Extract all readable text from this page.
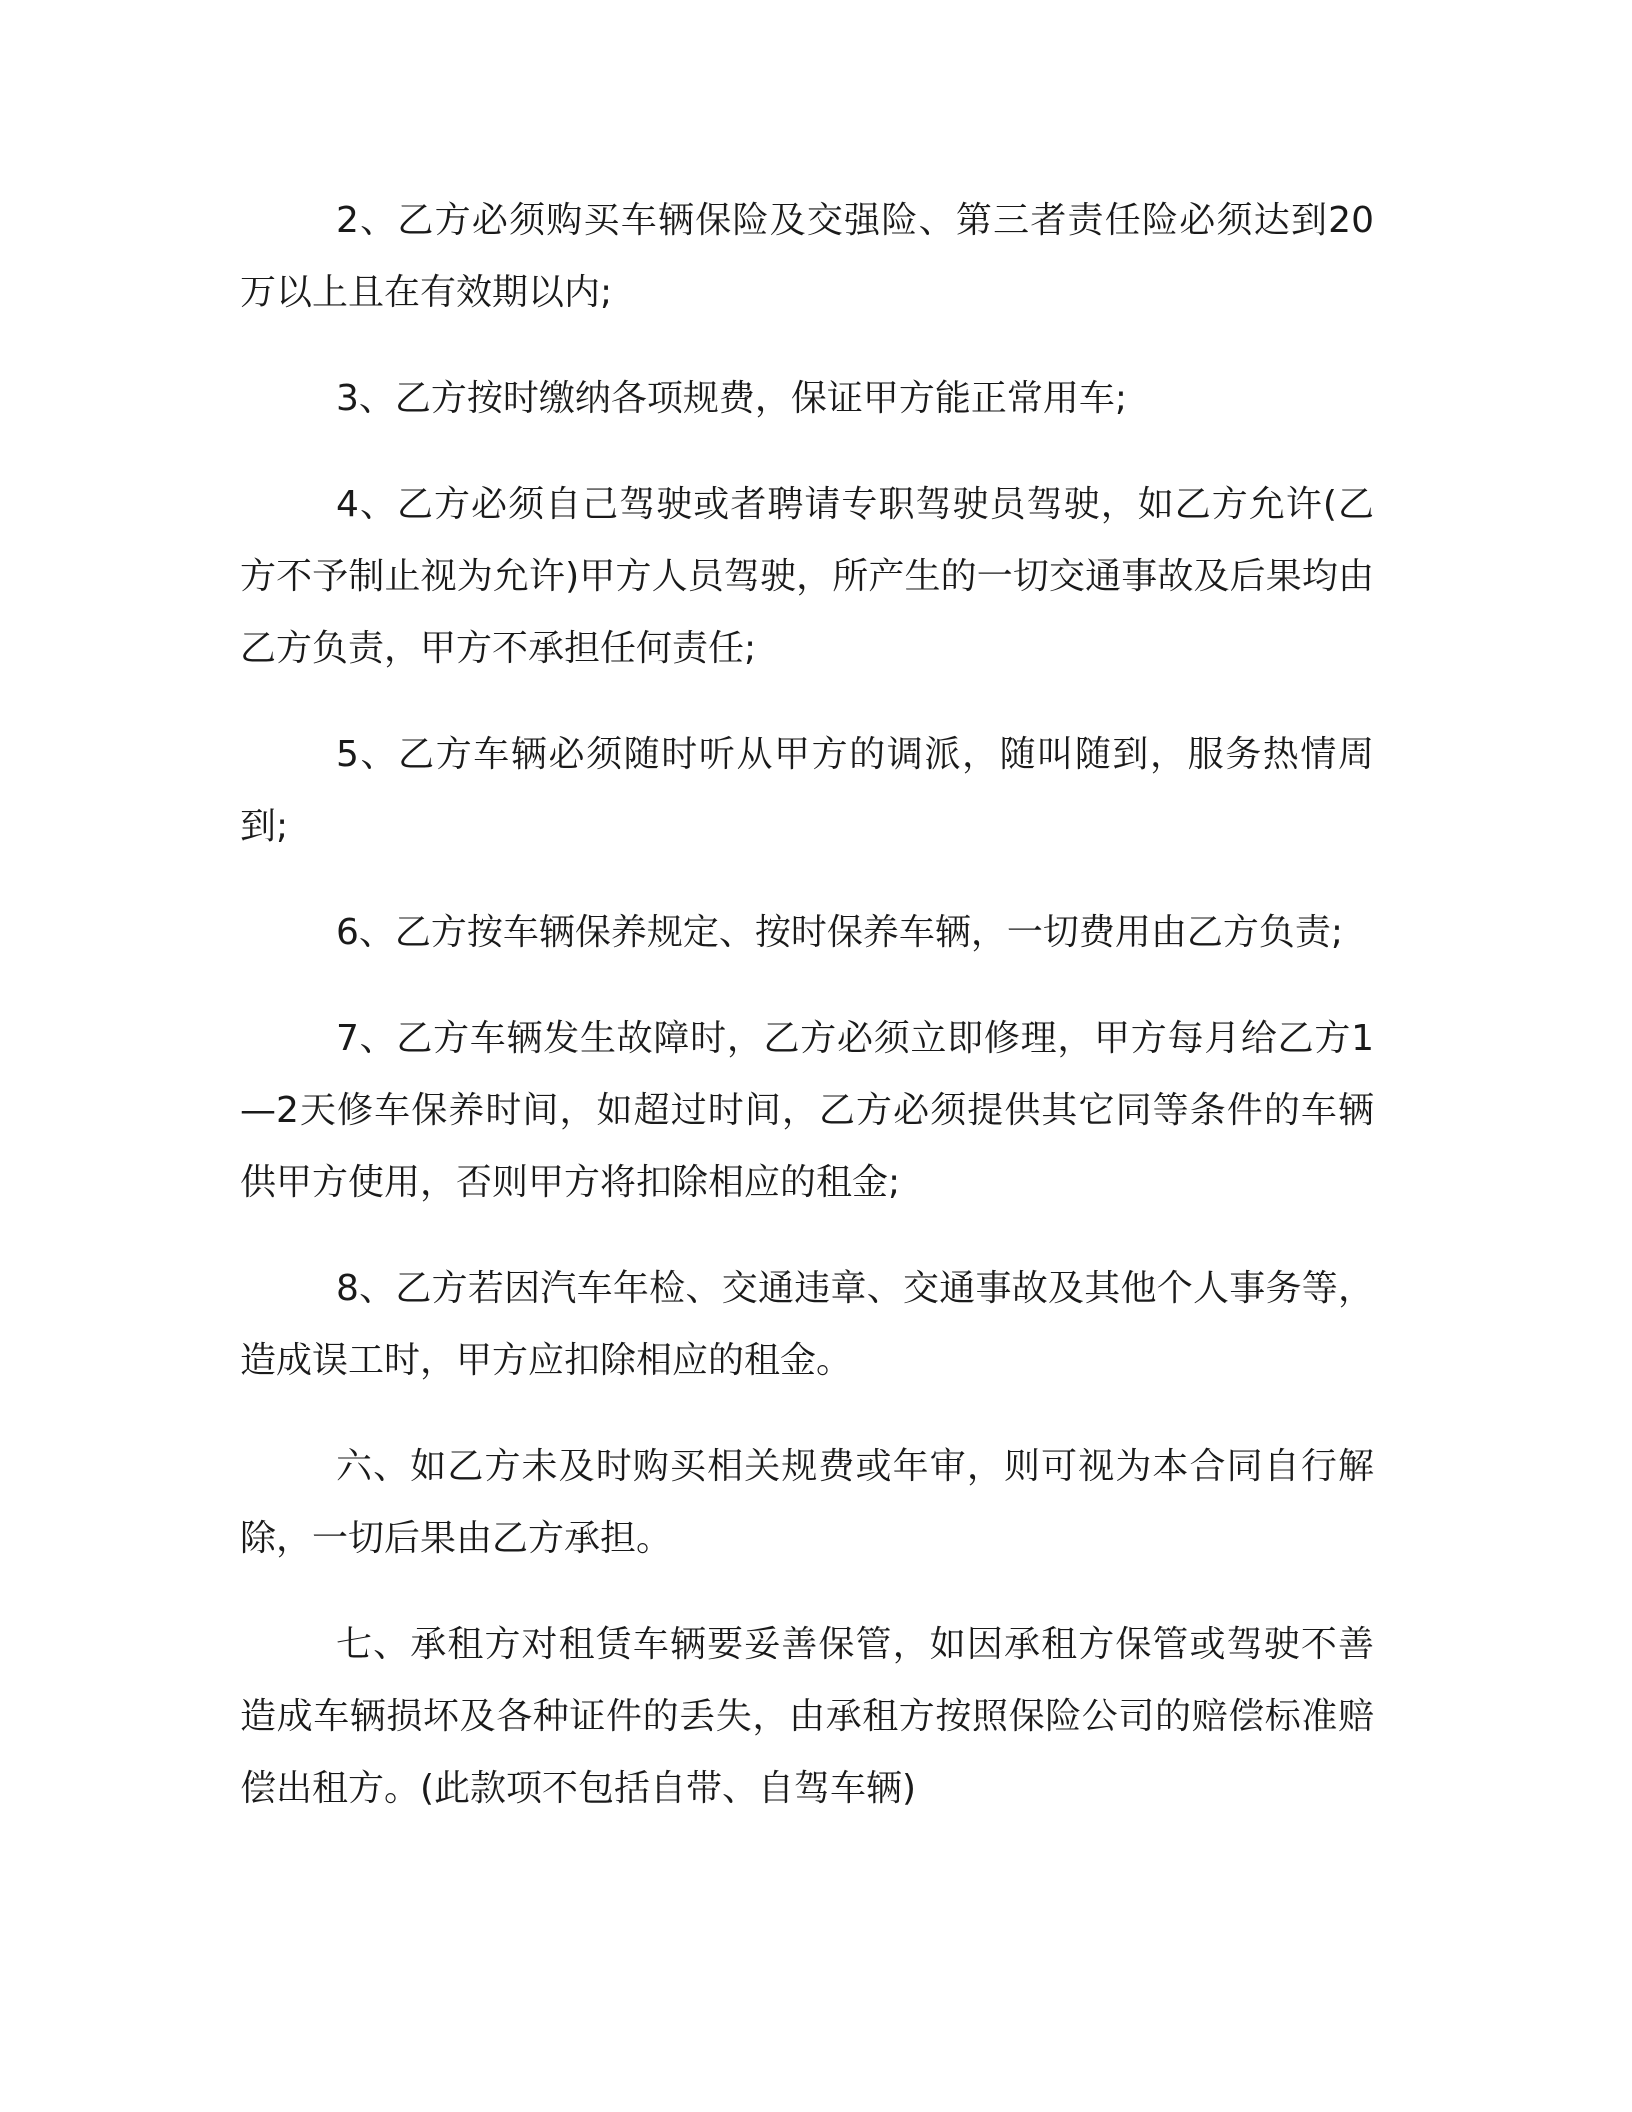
2、乙方必须购买车辆保险及交强险、第三者责任险必须达到20万以上且在有效期以内;

3、乙方按时缴纳各项规费，保证甲方能正常用车;

4、乙方必须自己驾驶或者聘请专职驾驶员驾驶，如乙方允许(乙方不予制止视为允许)甲方人员驾驶，所产生的一切交通事故及后果均由乙方负责，甲方不承担任何责任;

5、乙方车辆必须随时听从甲方的调派，随叫随到，服务热情周到;

6、乙方按车辆保养规定、按时保养车辆，一切费用由乙方负责;

7、乙方车辆发生故障时，乙方必须立即修理，甲方每月给乙方1—2天修车保养时间，如超过时间，乙方必须提供其它同等条件的车辆供甲方使用，否则甲方将扣除相应的租金;

8、乙方若因汽车年检、交通违章、交通事故及其他个人事务等，造成误工时，甲方应扣除相应的租金。

六、如乙方未及时购买相关规费或年审，则可视为本合同自行解除，一切后果由乙方承担。

七、承租方对租赁车辆要妥善保管，如因承租方保管或驾驶不善造成车辆损坏及各种证件的丢失，由承租方按照保险公司的赔偿标准赔偿出租方。(此款项不包括自带、自驾车辆)
